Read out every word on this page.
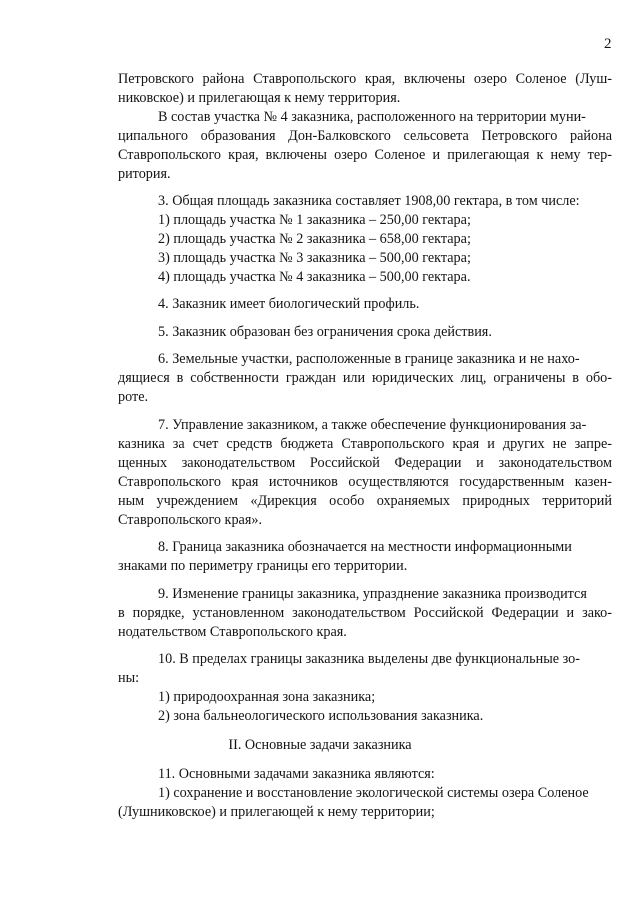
2
Петровского района Ставропольского края, включены озеро Соленое (Луш-
никовское) и прилегающая к нему территория.
В состав участка № 4 заказника, расположенного на территории муни-
ципального образования Дон-Балковского сельсовета Петровского района
Ставропольского края, включены озеро Соленое и прилегающая к нему тер-
ритория.
3. Общая площадь заказника составляет 1908,00 гектара, в том числе:
1) площадь участка № 1 заказника – 250,00 гектара;
2) площадь участка № 2 заказника – 658,00 гектара;
3) площадь участка № 3 заказника – 500,00 гектара;
4) площадь участка № 4 заказника – 500,00 гектара.
4. Заказник имеет биологический профиль.
5. Заказник образован без ограничения срока действия.
6. Земельные участки, расположенные в границе заказника и не нахо-
дящиеся в собственности граждан или юридических лиц, ограничены в обо-
роте.
7. Управление заказником, а также обеспечение функционирования за-
казника за счет средств бюджета Ставропольского края и других не запре-
щенных законодательством Российской Федерации и законодательством
Ставропольского края источников осуществляются государственным казен-
ным учреждением «Дирекция особо охраняемых природных территорий
Ставропольского края».
8. Граница заказника обозначается на местности информационными
знаками по периметру границы его территории.
9. Изменение границы заказника, упразднение заказника производится
в порядке, установленном законодательством Российской Федерации и зако-
нодательством Ставропольского края.
10. В пределах границы заказника выделены две функциональные зо-
ны:
1) природоохранная зона заказника;
2) зона бальнеологического использования заказника.
11. Основными задачами заказника являются:
1) сохранение и восстановление экологической системы озера Соленое
(Лушниковское) и прилегающей к нему территории;
II. Основные задачи заказника
